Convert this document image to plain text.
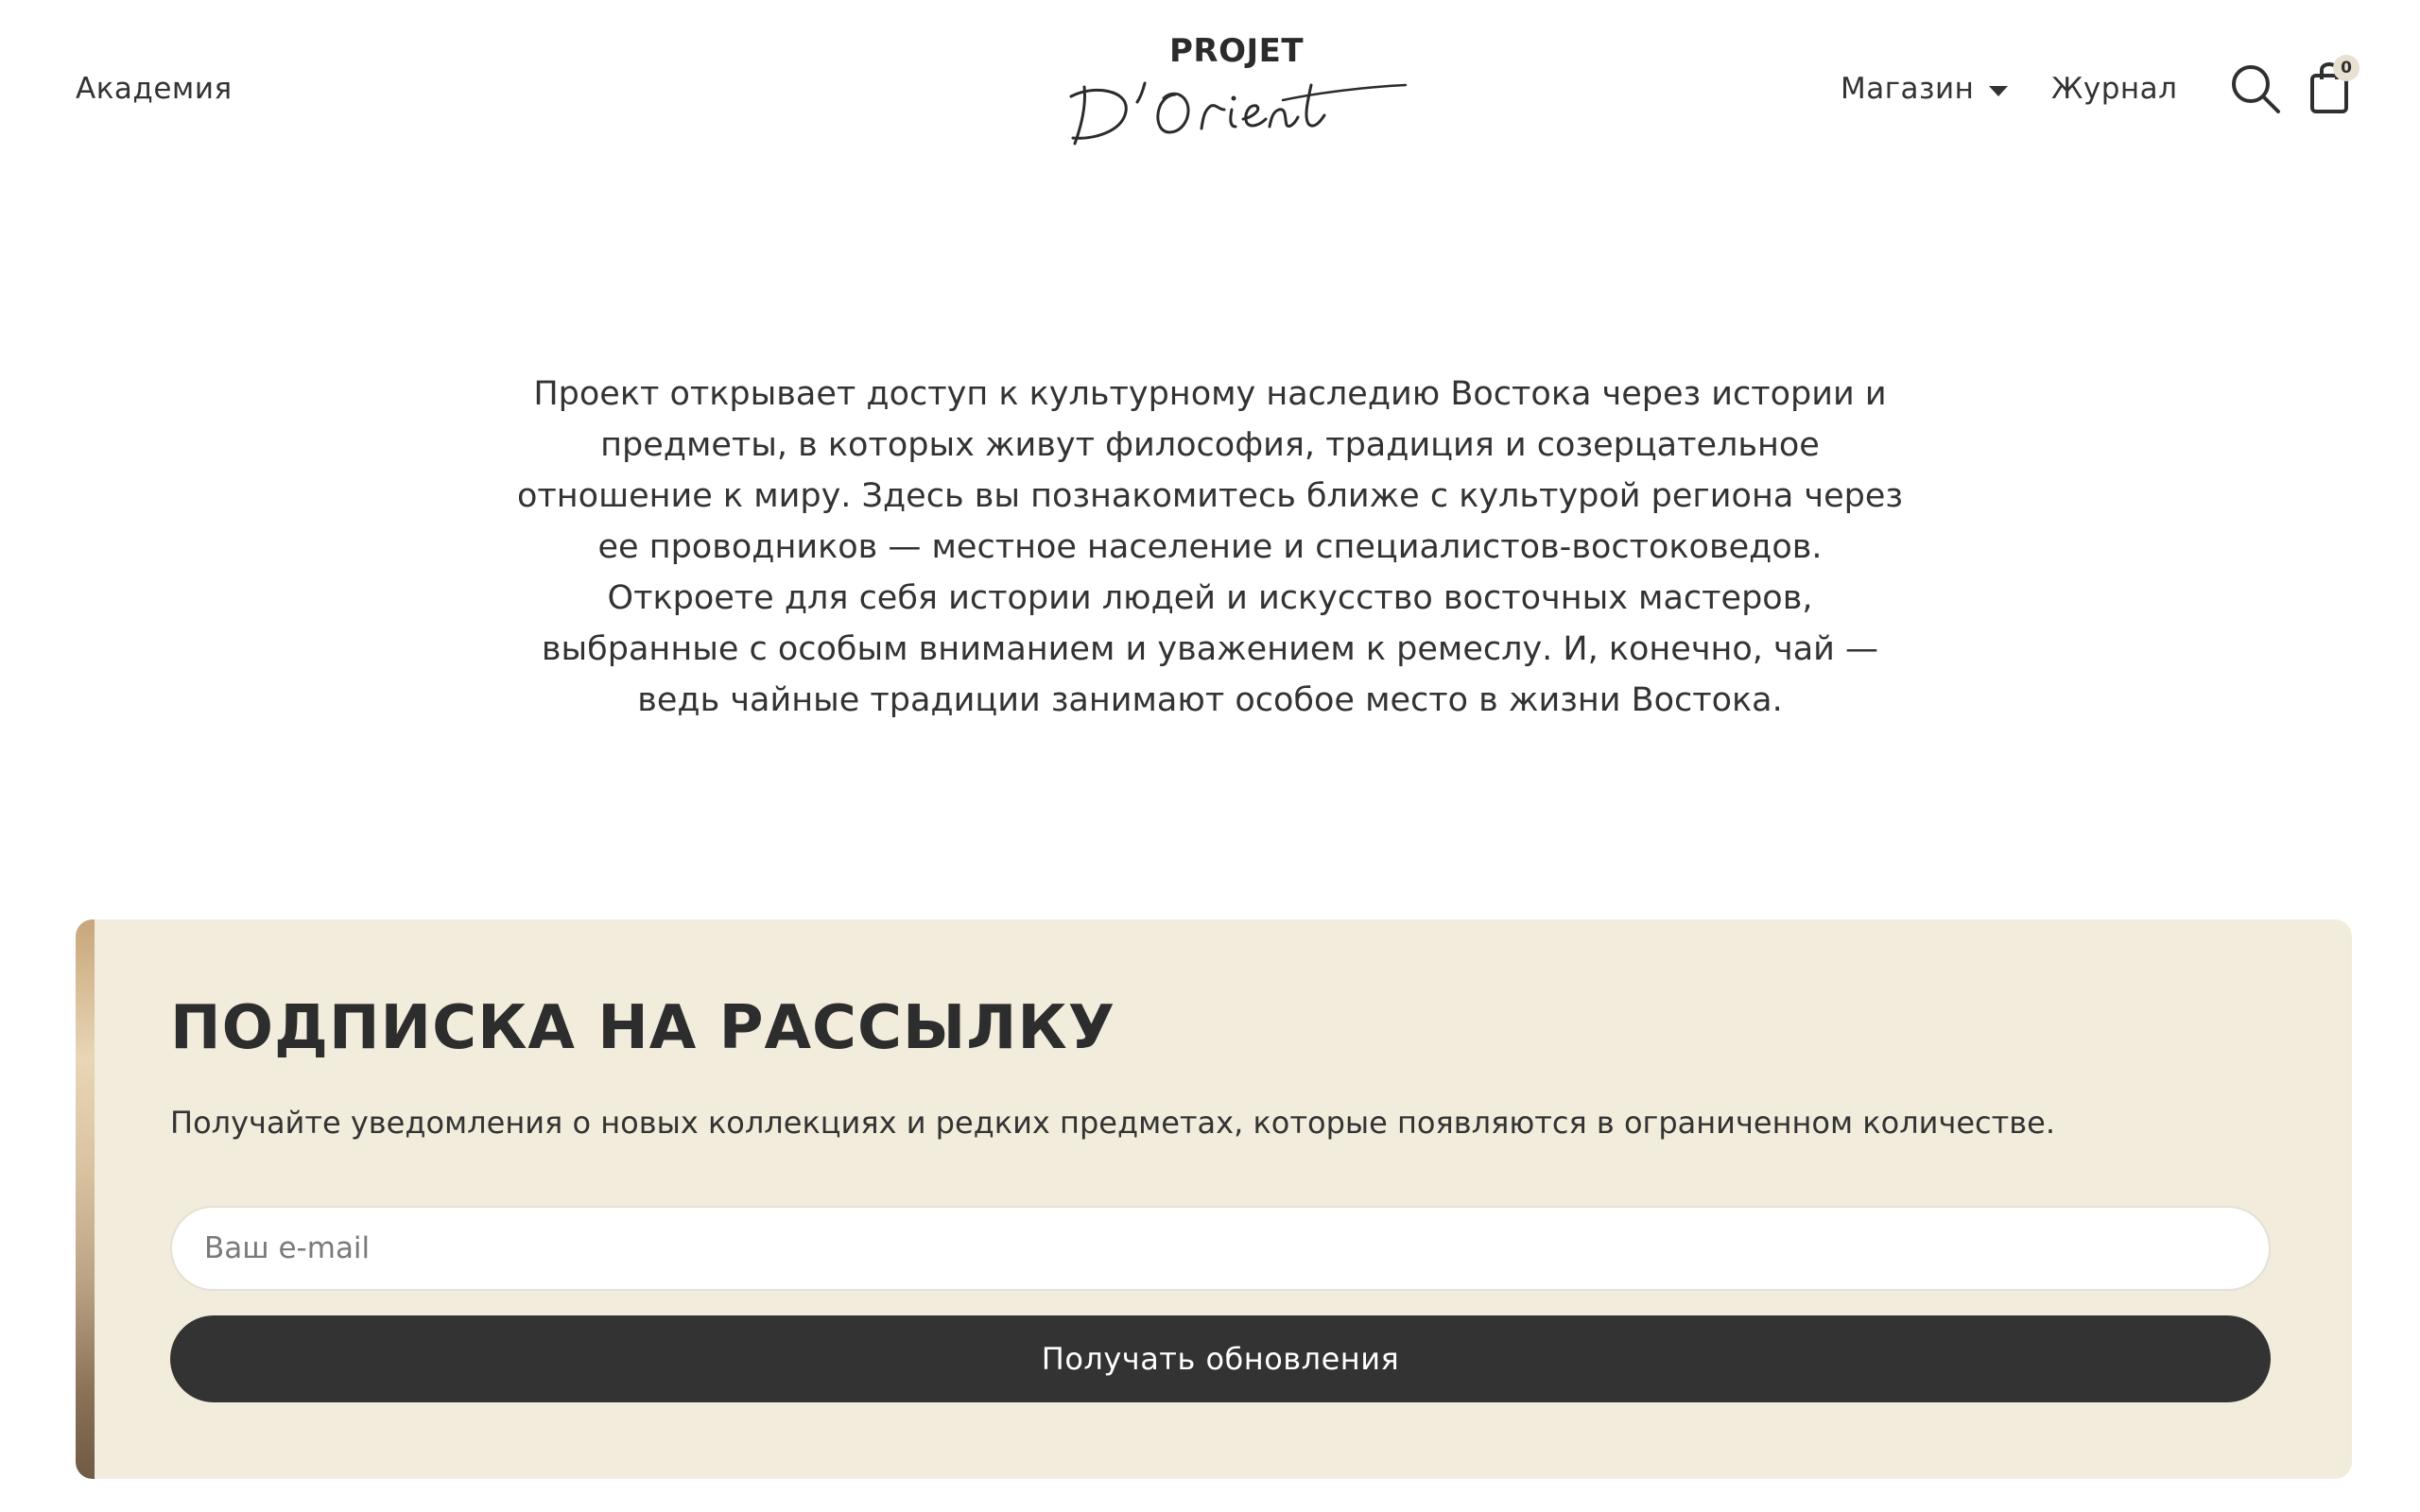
Академия
PROJET
Магазин	Журнал
0

Проект открывает доступ к культурному наследию Востока через истории и

предметы, в которых живут философия, традиция и созерцательное

отношение к миру. Здесь вы познакомитесь ближе с культурой региона через

ее проводников — местное население и специалистов-востоковедов.

Откроете для себя истории людей и искусство восточных мастеров,

выбранные с особым вниманием и уважением к ремеслу. И, конечно, чай —

ведь чайные традиции занимают особое место в жизни Востока.

ПОДПИСКА НА РАССЫЛКУ

Получайте уведомления о новых коллекциях и редких предметах, которые появляются в ограниченном количестве.

Ваш e-mail
Получать обновления
